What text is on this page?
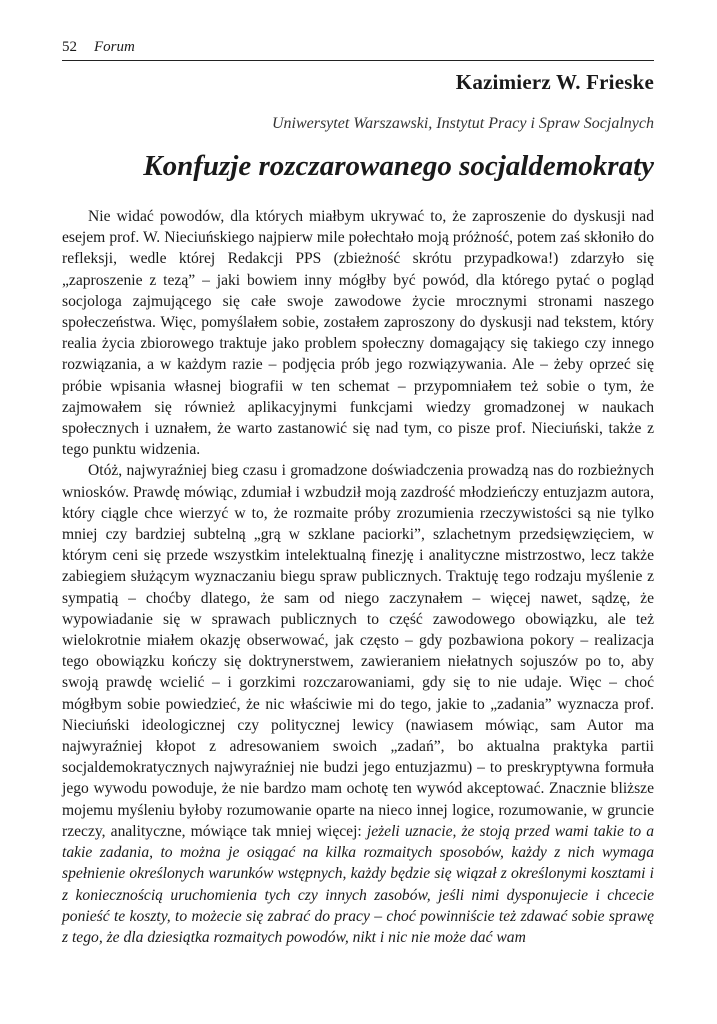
52 Forum
Kazimierz W. Frieske
Uniwersytet Warszawski, Instytut Pracy i Spraw Socjalnych
Konfuzje rozczarowanego socjaldemokraty

Nie widać powodów, dla których miałbym ukrywać to, że zaproszenie do dyskusji nad esejem prof. W. Nieciuńskiego najpierw mile połechtało moją próżność, potem zaś skłoniło do refleksji, wedle której Redakcji PPS (zbieżność skrótu przypadkowa!) zdarzyło się „zaproszenie z tezą” – jaki bowiem inny mógłby być powód, dla którego pytać o pogląd socjologa zajmującego się całe swoje zawodowe życie mrocznymi stronami naszego społeczeństwa. Więc, pomyślałem sobie, zostałem zaproszony do dyskusji nad tekstem, który realia życia zbiorowego traktuje jako problem społeczny domagający się takiego czy innego rozwiązania, a w każdym razie – podjęcia prób jego rozwiązywania. Ale – żeby oprzeć się próbie wpisania własnej biografii w ten schemat – przypomniałem też sobie o tym, że zajmowałem się również aplikacyjnymi funkcjami wiedzy gromadzonej w naukach społecznych i uznałem, że warto zastanowić się nad tym, co pisze prof. Nieciuński, także z tego punktu widzenia.

Otóż, najwyraźniej bieg czasu i gromadzone doświadczenia prowadzą nas do rozbieżnych wniosków. Prawdę mówiąc, zdumiał i wzbudził moją zazdrość młodzieńczy entuzjazm autora, który ciągle chce wierzyć w to, że rozmaite próby zrozumienia rzeczywistości są nie tylko mniej czy bardziej subtelną „grą w szklane paciorki”, szlachetnym przedsięwzięciem, w którym ceni się przede wszystkim intelektualną finezję i analityczne mistrzostwo, lecz także zabiegiem służącym wyznaczaniu biegu spraw publicznych. Traktuję tego rodzaju myślenie z sympatią – choćby dlatego, że sam od niego zaczynałem – więcej nawet, sądzę, że wypowiadanie się w sprawach publicznych to część zawodowego obowiązku, ale też wielokrotnie miałem okazję obserwować, jak często – gdy pozbawiona pokory – realizacja tego obowiązku kończy się doktrynerstwem, zawieraniem niełatnych sojuszów po to, aby swoją prawdę wcielić – i gorzkimi rozczarowaniami, gdy się to nie udaje. Więc – choć mógłbym sobie powiedzieć, że nic właściwie mi do tego, jakie to „zadania” wyznacza prof. Nieciuński ideologicznej czy politycznej lewicy (nawiasem mówiąc, sam Autor ma najwyraźniej kłopot z adresowaniem swoich „zadań”, bo aktualna praktyka partii socjaldemokratycznych najwyraźniej nie budzi jego entuzjazmu) – to preskryptywna formuła jego wywodu powoduje, że nie bardzo mam ochotę ten wywód akceptować. Znacznie bliższe mojemu myśleniu byłoby rozumowanie oparte na nieco innej logice, rozumowanie, w gruncie rzeczy, analityczne, mówiące tak mniej więcej: jeżeli uznacie, że stoją przed wami takie to a takie zadania, to można je osiągać na kilka rozmaitych sposobów, każdy z nich wymaga spełnienie określonych warunków wstępnych, każdy będzie się wiązał z określonymi kosztami i z koniecznością uruchomienia tych czy innych zasobów, jeśli nimi dysponujecie i chcecie ponieść te koszty, to możecie się zabrać do pracy – choć powinniście też zdawać sobie sprawę z tego, że dla dziesiątka rozmaitych powodów, nikt i nic nie może dać wam
